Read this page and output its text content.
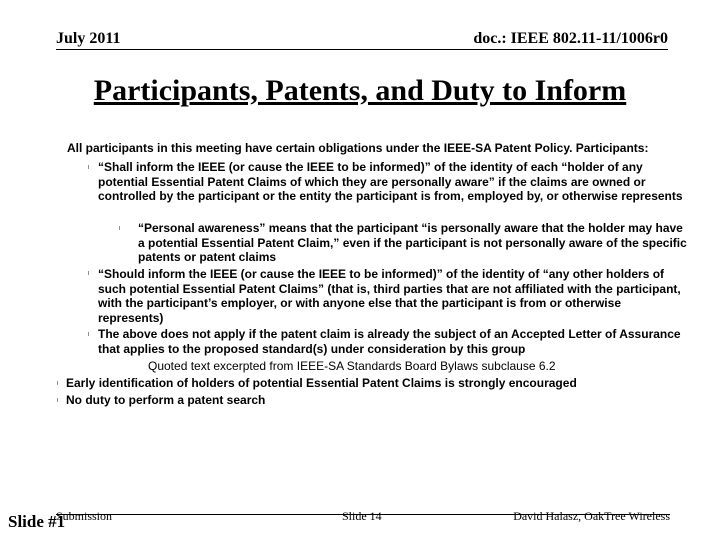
July 2011	doc.: IEEE 802.11-11/1006r0
Participants, Patents, and Duty to Inform
All participants in this meeting have certain obligations under the IEEE-SA Patent Policy. Participants:
l “Shall inform the IEEE (or cause the IEEE to be informed)” of the identity of each “holder of any potential Essential Patent Claims of which they are personally aware” if the claims are owned or controlled by the participant or the entity the participant is from, employed by, or otherwise represents
l “Personal awareness” means that the participant “is personally aware that the holder may have a potential Essential Patent Claim,” even if the participant is not personally aware of the specific patents or patent claims
l “Should inform the IEEE (or cause the IEEE to be informed)” of the identity of “any other holders of such potential Essential Patent Claims” (that is, third parties that are not affiliated with the participant, with the participant’s employer, or with anyone else that the participant is from or otherwise represents)
l The above does not apply if the patent claim is already the subject of an Accepted Letter of Assurance that applies to the proposed standard(s) under consideration by this group
Quoted text excerpted from IEEE-SA Standards Board Bylaws subclause 6.2
l Early identification of holders of potential Essential Patent Claims is strongly encouraged
l No duty to perform a patent search
Submission	Slide 14	David Halasz, OakTree Wireless
Slide #1
